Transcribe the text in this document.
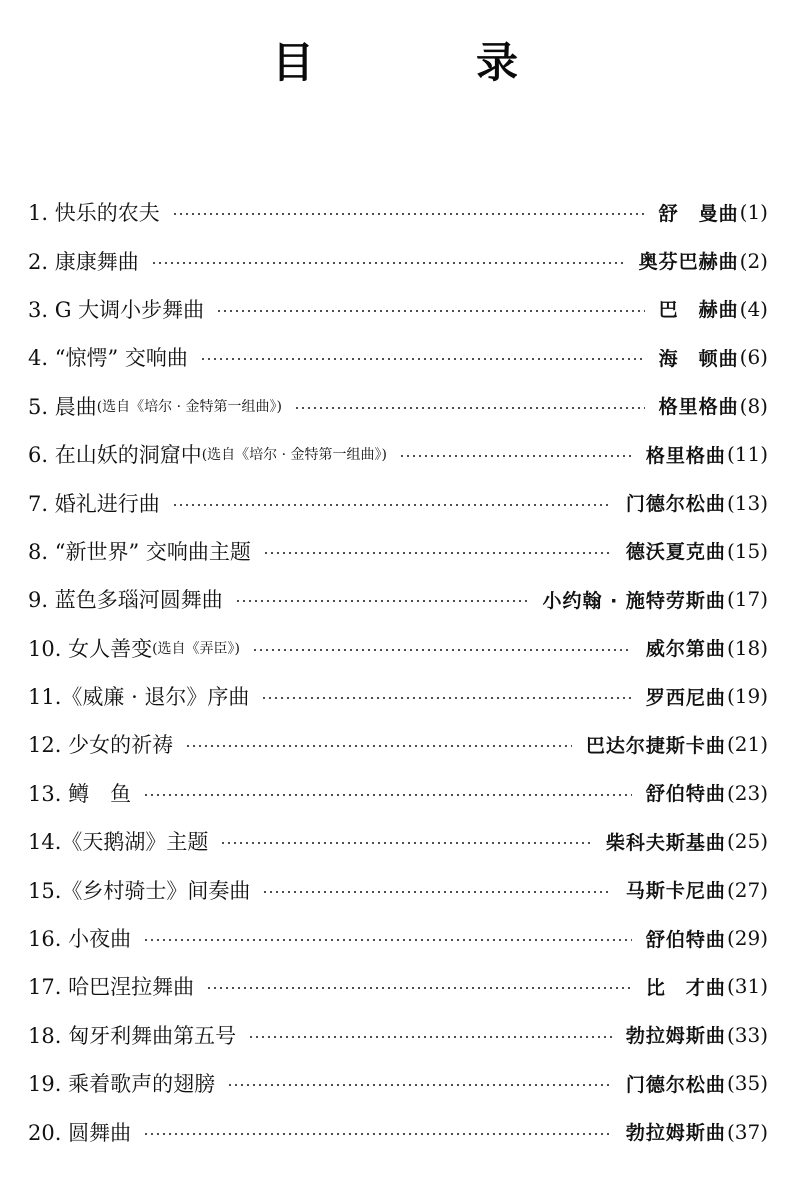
目　录
1. 快乐的农夫	舒　曼曲 (1)
2. 康康舞曲	奥芬巴赫曲 (2)
3. G 大调小步舞曲	巴　赫曲 (4)
4. “惊愕” 交响曲	海　顿曲 (6)
5. 晨曲 (选自《培尔 · 金特第一组曲》)	格里格曲 (8)
6. 在山妖的洞窟中 (选自《培尔 · 金特第一组曲》)	格里格曲 (11)
7. 婚礼进行曲	门德尔松曲 (13)
8. “新世界” 交响曲主题	德沃夏克曲 (15)
9. 蓝色多瑙河圆舞曲	小约翰 · 施特劳斯曲 (17)
10. 女人善变 (选自《弄臣》)	威尔第曲 (18)
11.《威廉 · 退尔》序曲	罗西尼曲 (19)
12. 少女的祈祷	巴达尔捷斯卡曲 (21)
13. 鳟　鱼	舒伯特曲 (23)
14.《天鹅湖》主题	柴科夫斯基曲 (25)
15.《乡村骑士》间奏曲	马斯卡尼曲 (27)
16. 小夜曲	舒伯特曲 (29)
17. 哈巴涅拉舞曲	比　才曲 (31)
18. 匈牙利舞曲第五号	勃拉姆斯曲 (33)
19. 乘着歌声的翅膀	门德尔松曲 (35)
20. 圆舞曲	勃拉姆斯曲 (37)
